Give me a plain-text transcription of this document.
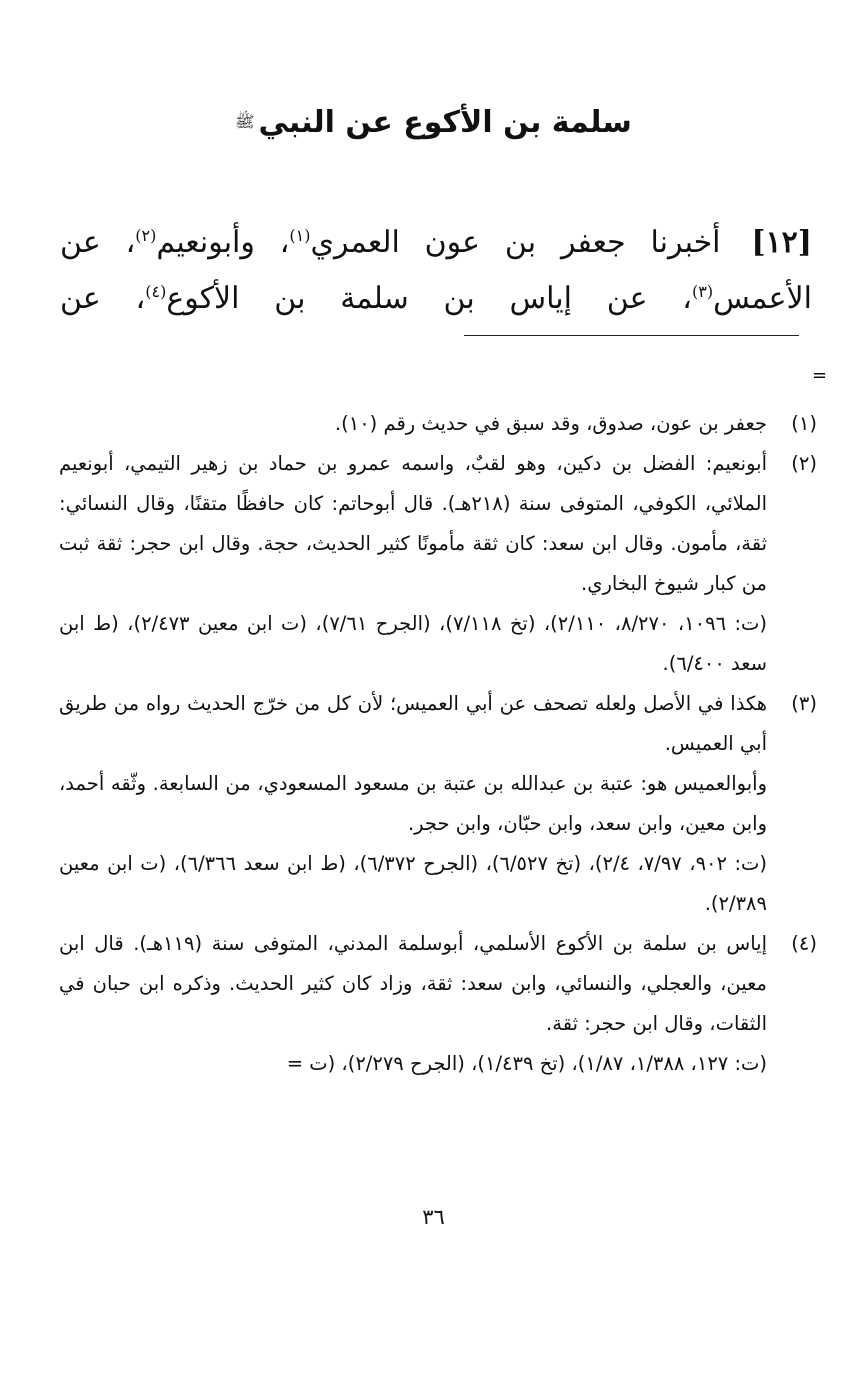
سلمة بن الأكوع عن النبيﷺ
[١٢] أخبرنا جعفر بن عون العمري$^{(١)}$، وأبونعيم$^{(٢)}$، عن الأعمس$^{(٣)}$، عن إياس بن سلمة بن الأكوع$^{(٤)}$، عن
=
(١)

جعفر بن عون، صدوق، وقد سبق في حديث رقم (١٠).

(٢)

أبونعيم: الفضل بن دكين، وهو لقبٌ، واسمه عمرو بن حماد بن زهير التيمي، أبونعيم الملائي، الكوفي، المتوفى سنة (٢١٨هـ). قال أبوحاتم: كان حافظًا متقنًا، وقال النسائي: ثقة، مأمون. وقال ابن سعد: كان ثقة مأمونًا كثير الحديث، حجة. وقال ابن حجر: ثقة ثبت من كبار شيوخ البخاري.

(ت: ١٠٩٦، ٨/٢٧٠، ٢/١١٠)، (تخ ٧/١١٨)، (الجرح ٧/٦١)، (ت ابن معين ٢/٤٧٣)، (ط ابن سعد ٦/٤٠٠).

(٣)

هكذا في الأصل ولعله تصحف عن أبي العميس؛ لأن كل من خرّج الحديث رواه من طريق أبي العميس.

وأبوالعميس هو: عتبة بن عبدالله بن عتبة بن مسعود المسعودي، من السابعة. وثّقه أحمد، وابن معين، وابن سعد، وابن حبّان، وابن حجر.

(ت: ٩٠٢، ٧/٩٧، ٢/٤)، (تخ ٦/٥٢٧)، (الجرح ٦/٣٧٢)، (ط ابن سعد ٦/٣٦٦)، (ت ابن معين ٢/٣٨٩).

(٤)

إياس بن سلمة بن الأكوع الأسلمي، أبوسلمة المدني، المتوفى سنة (١١٩هـ). قال ابن معين، والعجلي، والنسائي، وابن سعد: ثقة، وزاد كان كثير الحديث. وذكره ابن حبان في الثقات، وقال ابن حجر: ثقة.

(ت: ١٢٧، ١/٣٨٨، ١/٨٧)، (تخ ١/٤٣٩)، (الجرح ٢/٢٧٩)، (ت =

٣٦
